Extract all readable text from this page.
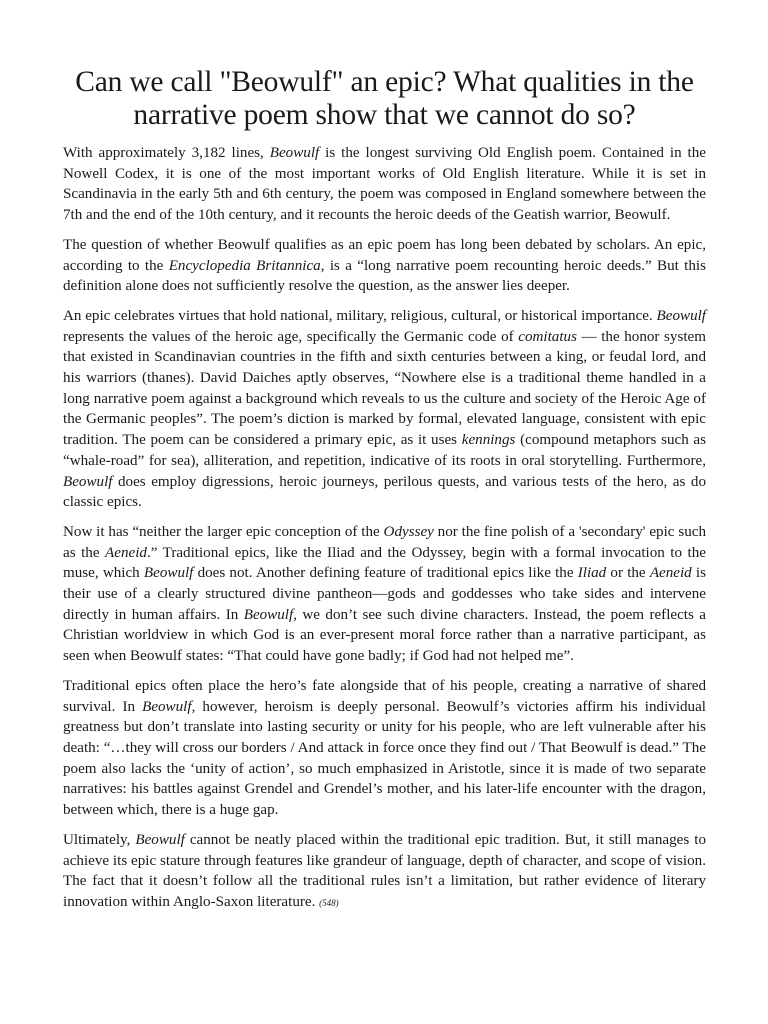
Can we call "Beowulf" an epic? What qualities in the narrative poem show that we cannot do so?

With approximately 3,182 lines, Beowulf is the longest surviving Old English poem. Contained in the Nowell Codex, it is one of the most important works of Old English literature. While it is set in Scandinavia in the early 5th and 6th century, the poem was composed in England somewhere between the 7th and the end of the 10th century, and it recounts the heroic deeds of the Geatish warrior, Beowulf.

The question of whether Beowulf qualifies as an epic poem has long been debated by scholars. An epic, according to the Encyclopedia Britannica, is a “long narrative poem recounting heroic deeds.” But this definition alone does not sufficiently resolve the question, as the answer lies deeper.

An epic celebrates virtues that hold national, military, religious, cultural, or historical importance. Beowulf represents the values of the heroic age, specifically the Germanic code of comitatus — the honor system that existed in Scandinavian countries in the fifth and sixth centuries between a king, or feudal lord, and his warriors (thanes). David Daiches aptly observes, “Nowhere else is a traditional theme handled in a long narrative poem against a background which reveals to us the culture and society of the Heroic Age of the Germanic peoples”. The poem’s diction is marked by formal, elevated language, consistent with epic tradition. The poem can be considered a primary epic, as it uses kennings (compound metaphors such as “whale-road” for sea), alliteration, and repetition, indicative of its roots in oral storytelling. Furthermore, Beowulf does employ digressions, heroic journeys, perilous quests, and various tests of the hero, as do classic epics.

Now it has “neither the larger epic conception of the Odyssey nor the fine polish of a 'secondary' epic such as the Aeneid.” Traditional epics, like the Iliad and the Odyssey, begin with a formal invocation to the muse, which Beowulf does not. Another defining feature of traditional epics like the Iliad or the Aeneid is their use of a clearly structured divine pantheon—gods and goddesses who take sides and intervene directly in human affairs. In Beowulf, we don’t see such divine characters. Instead, the poem reflects a Christian worldview in which God is an ever-present moral force rather than a narrative participant, as seen when Beowulf states: “That could have gone badly; if God had not helped me”.

Traditional epics often place the hero’s fate alongside that of his people, creating a narrative of shared survival. In Beowulf, however, heroism is deeply personal. Beowulf’s victories affirm his individual greatness but don’t translate into lasting security or unity for his people, who are left vulnerable after his death: “…they will cross our borders / And attack in force once they find out / That Beowulf is dead.” The poem also lacks the ‘unity of action’, so much emphasized in Aristotle, since it is made of two separate narratives: his battles against Grendel and Grendel’s mother, and his later-life encounter with the dragon, between which, there is a huge gap.

Ultimately, Beowulf cannot be neatly placed within the traditional epic tradition. But, it still manages to achieve its epic stature through features like grandeur of language, depth of character, and scope of vision. The fact that it doesn’t follow all the traditional rules isn’t a limitation, but rather evidence of literary innovation within Anglo-Saxon literature. (548)
